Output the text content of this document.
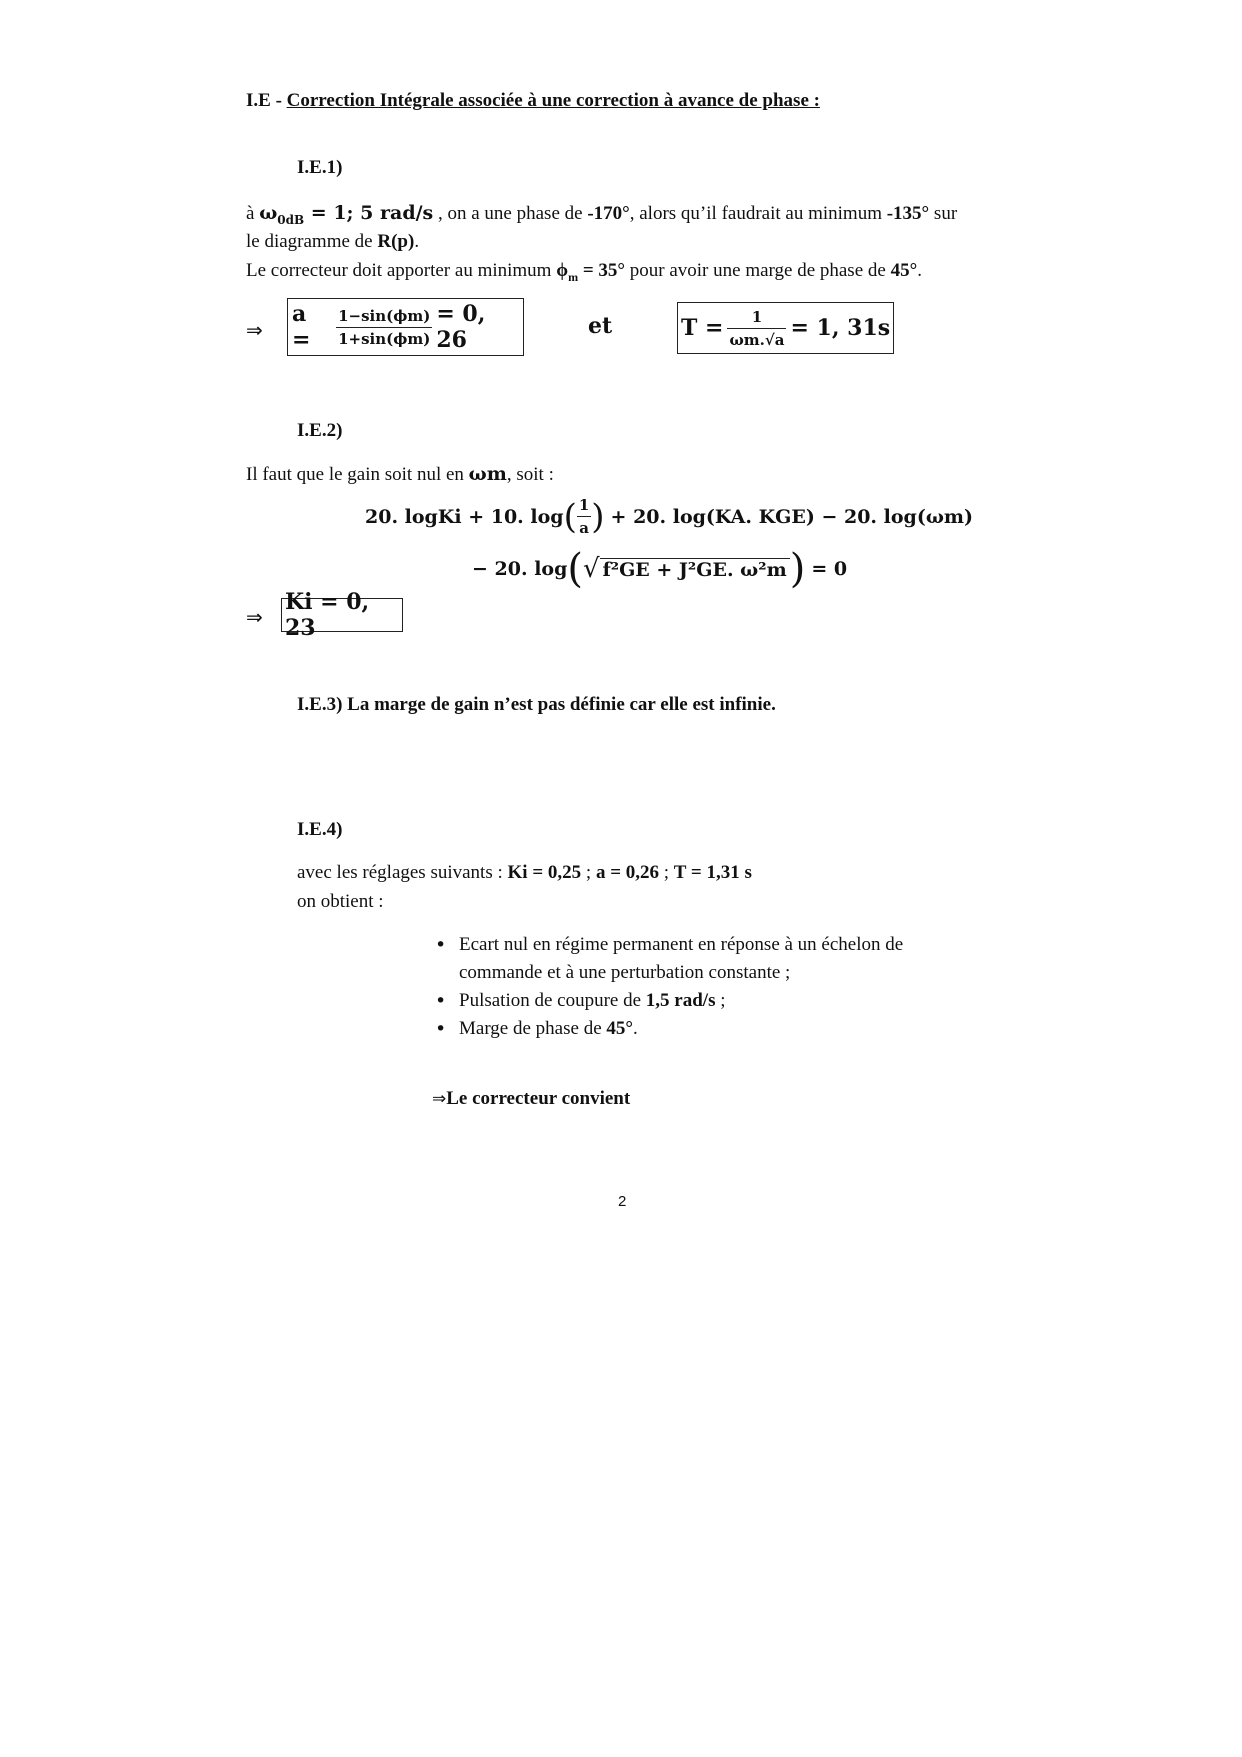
I.E - Correction Intégrale associée à une correction à avance de phase :
I.E.1)
à $\omega_{0dB} = 1$; 5 rad/s , on a une phase de -170°, alors qu’il faudrait au minimum -135° sur
le diagramme de R(p).
Le correcteur doit apporter au minimum $\phi_m = 35^\circ$ pour avoir une marge de phase de 45°.
⇒
a =	$\frac{1-\sin(\phi m)}{1+\sin(\phi m)} = 0$, 26
et	$T = \frac{1}{\omega m.√a} = 1$, 31s
I.E.2)
Il faut que le gain soit nul en ωm, soit :
20. logKi + 10. log ( $\frac{1}{a}$ ) + 20. log(KA. KGE) − 20. log(ωm)
− 20. log ( √ f²GE + J²GE. ω²m ) = 0
⇒
Ki = 0, 23
I.E.3) La marge de gain n’est pas définie car elle est infinie.
I.E.4)
avec les réglages suivants : Ki = 0,25 ; a = 0,26 ; T = 1,31 s
on obtient :
• Ecart nul en régime permanent en réponse à un échelon de commande et à une perturbation constante ;
• Pulsation de coupure de 1,5 rad/s ;
• Marge de phase de 45°.
⇒Le correcteur convient
2
